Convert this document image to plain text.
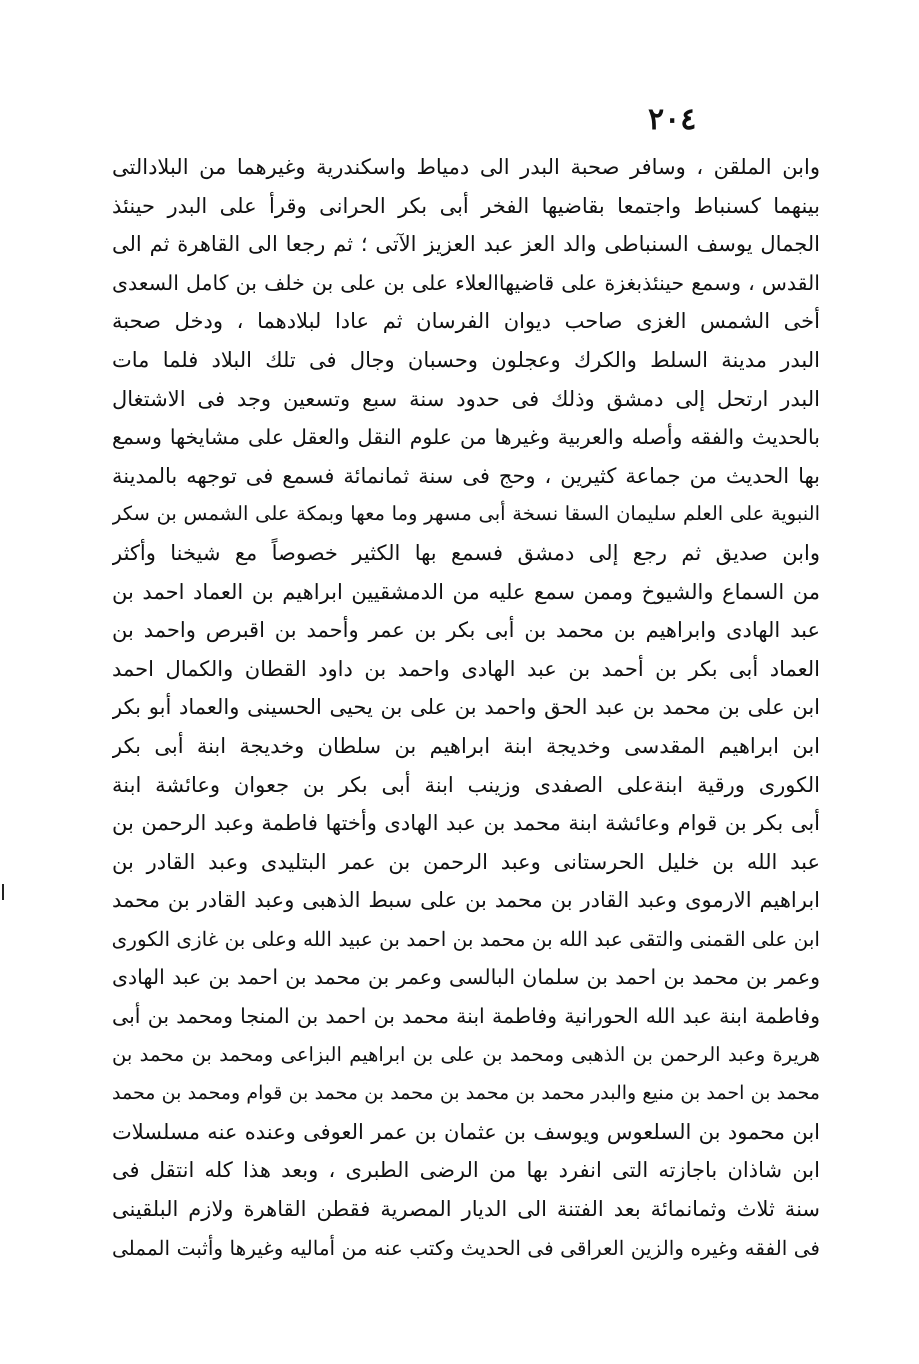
٢٠٤
وابن الملقن ، وسافر صحبة البدر الى دمياط واسكندرية وغيرهما من البلادالتى
بينهما كسنباط واجتمعا بقاضيها الفخر أبى بكر الحرانى وقرأ على البدر حينئذ
الجمال يوسف السنباطى والد العز عبد العزيز الآتى ؛ ثم رجعا الى القاهرة ثم الى
القدس ، وسمع حينئذبغزة على قاضيهاالعلاء على بن على بن خلف بن كامل السعدى
أخى الشمس الغزى صاحب ديوان الفرسان ثم عادا لبلادهما ، ودخل صحبة
البدر مدينة السلط والكرك وعجلون وحسبان وجال فى تلك البلاد فلما مات
البدر ارتحل إلى دمشق وذلك فى حدود سنة سبع وتسعين وجد فى الاشتغال
بالحديث والفقه وأصله والعربية وغيرها من علوم النقل والعقل على مشايخها وسمع
بها الحديث من جماعة كثيرين ، وحج فى سنة ثمانمائة فسمع فى توجهه بالمدينة
النبوية على العلم سليمان السقا نسخة أبى مسهر وما معها وبمكة على الشمس بن سكر
وابن صديق ثم رجع إلى دمشق فسمع بها الكثير خصوصاً مع شيخنا وأكثر
من السماع والشيوخ وممن سمع عليه من الدمشقيين ابراهيم بن العماد احمد بن
عبد الهادى وابراهيم بن محمد بن أبى بكر بن عمر وأحمد بن اقبرص واحمد بن
العماد أبى بكر بن أحمد بن عبد الهادى واحمد بن داود القطان والكمال احمد
ابن على بن محمد بن عبد الحق واحمد بن على بن يحيى الحسينى والعماد أبو بكر
ابن ابراهيم المقدسى وخديجة ابنة ابراهيم بن سلطان وخديجة ابنة أبى بكر
الكورى ورقية ابنةعلى الصفدى وزينب ابنة أبى بكر بن جعوان وعائشة ابنة
أبى بكر بن قوام وعائشة ابنة محمد بن عبد الهادى وأختها فاطمة وعبد الرحمن بن
عبد الله بن خليل الحرستانى وعبد الرحمن بن عمر البتليدى وعبد القادر بن
ابراهيم الارموى وعبد القادر بن محمد بن على سبط الذهبى وعبد القادر بن محمد
ابن على القمنى والتقى عبد الله بن محمد بن احمد بن عبيد الله وعلى بن غازى الكورى
وعمر بن محمد بن احمد بن سلمان البالسى وعمر بن محمد بن احمد بن عبد الهادى
وفاطمة ابنة عبد الله الحورانية وفاطمة ابنة محمد بن احمد بن المنجا ومحمد بن أبى
هريرة وعبد الرحمن بن الذهبى ومحمد بن على بن ابراهيم البزاعى ومحمد بن محمد بن
محمد بن احمد بن منيع والبدر محمد بن محمد بن محمد بن محمد بن قوام ومحمد بن محمد
ابن محمود بن السلعوس ويوسف بن عثمان بن عمر العوفى وعنده عنه مسلسلات
ابن شاذان باجازته التى انفرد بها من الرضى الطبرى ، وبعد هذا كله انتقل فى
سنة ثلاث وثمانمائة بعد الفتنة الى الديار المصرية فقطن القاهرة ولازم البلقينى
فى الفقه وغيره والزين العراقى فى الحديث وكتب عنه من أماليه وغيرها وأثبت المملى
